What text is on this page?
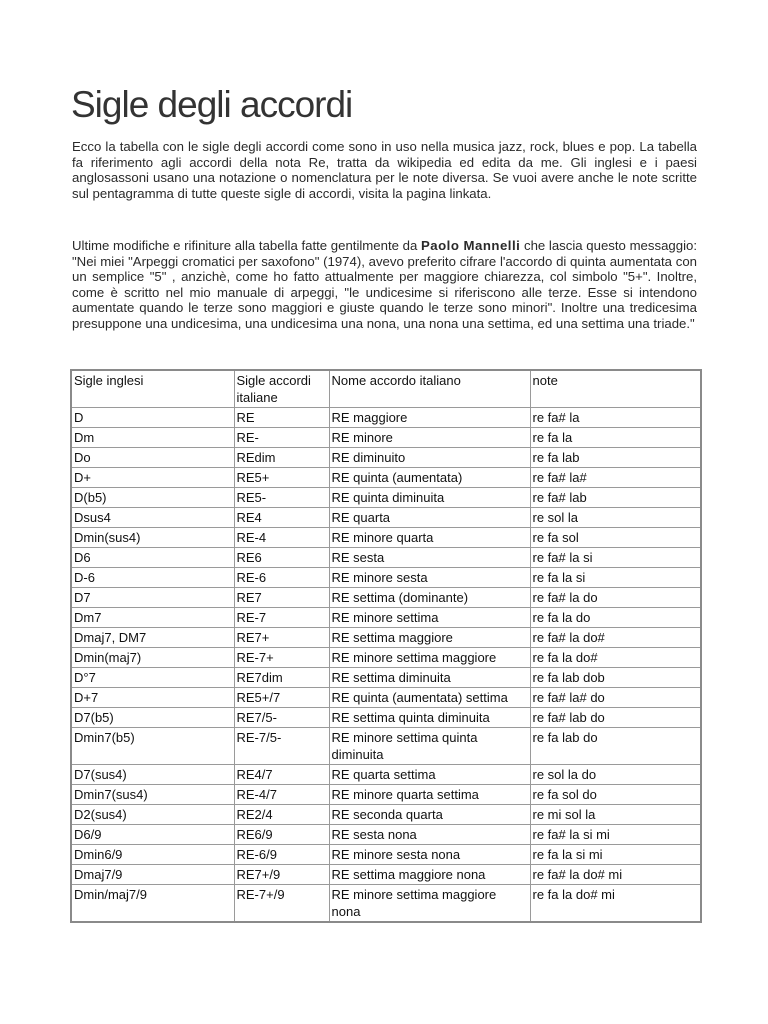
Sigle degli accordi

Ecco la tabella con le sigle degli accordi come sono in uso nella musica jazz, rock, blues e pop. La tabella fa riferimento agli accordi della nota Re, tratta da wikipedia ed edita da me. Gli inglesi e i paesi anglosassoni usano una notazione o nomenclatura per le note diversa. Se vuoi avere anche le note scritte sul pentagramma di tutte queste sigle di accordi, visita la pagina linkata.

Ultime modifiche e rifiniture alla tabella fatte gentilmente da Paolo Mannelli che lascia questo messaggio: "Nei miei "Arpeggi cromatici per saxofono" (1974), avevo preferito cifrare l'accordo di quinta aumentata con un semplice "5" , anzichè, come ho fatto attualmente per maggiore chiarezza, col simbolo "5+". Inoltre, come è scritto nel mio manuale di arpeggi, "le undicesime si riferiscono alle terze. Esse si intendono aumentate quando le terze sono maggiori e giuste quando le terze sono minori". Inoltre una tredicesima presuppone una undicesima, una undicesima una nona, una nona una settima, ed una settima una triade."

Sigle inglesi	Sigle accordi italiane	Nome accordo italiano	note
D	RE	RE maggiore	re fa# la
Dm	RE-	RE minore	re fa la
Do	REdim	RE diminuito	re fa lab
D+	RE5+	RE quinta (aumentata)	re fa# la#
D(b5)	RE5-	RE quinta diminuita	re fa# lab
Dsus4	RE4	RE quarta	re sol la
Dmin(sus4)	RE-4	RE minore quarta	re fa sol
D6	RE6	RE sesta	re fa# la si
D-6	RE-6	RE minore sesta	re fa la si
D7	RE7	RE settima (dominante)	re fa# la do
Dm7	RE-7	RE minore settima	re fa la do
Dmaj7, DM7	RE7+	RE settima maggiore	re fa# la do#
Dmin(maj7)	RE-7+	RE minore settima maggiore	re fa la do#
D°7	RE7dim	RE settima diminuita	re fa lab dob
D+7	RE5+/7	RE quinta (aumentata) settima	re fa# la# do
D7(b5)	RE7/5-	RE settima quinta diminuita	re fa# lab do
Dmin7(b5)	RE-7/5-	RE minore settima quinta diminuita	re fa lab do
D7(sus4)	RE4/7	RE quarta settima	re sol la do
Dmin7(sus4)	RE-4/7	RE minore quarta settima	re fa sol do
D2(sus4)	RE2/4	RE seconda quarta	re mi sol la
D6/9	RE6/9	RE sesta nona	re fa# la si mi
Dmin6/9	RE-6/9	RE minore sesta nona	re fa la si mi
Dmaj7/9	RE7+/9	RE settima maggiore nona	re fa# la do# mi
Dmin/maj7/9	RE-7+/9	RE minore settima maggiore nona	re fa la do# mi
